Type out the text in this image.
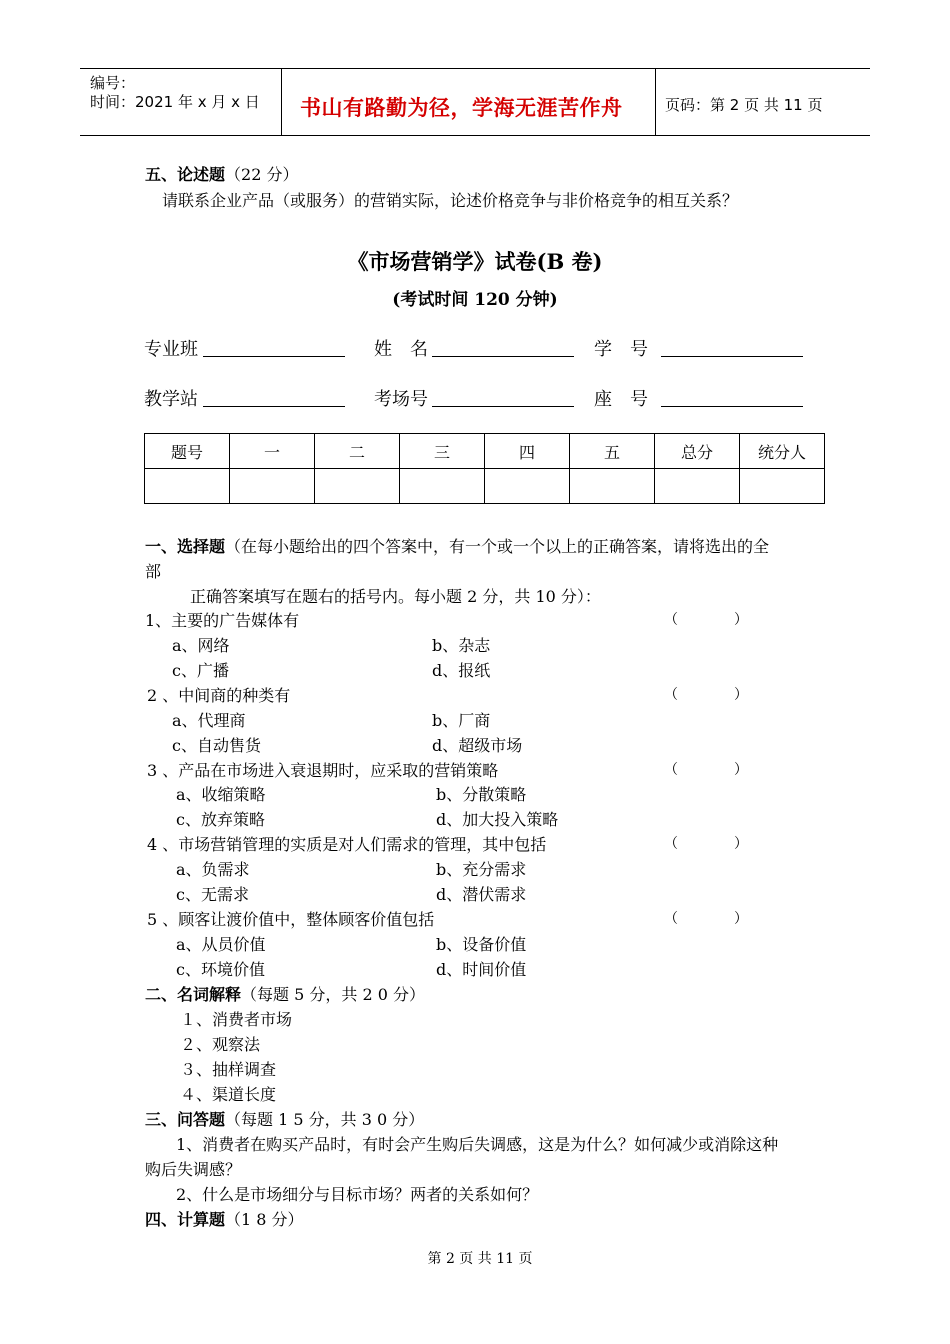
编号：
时间：2021 年 x 月 x 日 书山有路勤为径，学海无涯苦作舟	页码：第 2 页 共 11 页
五、论述题（22 分）
请联系企业产品（或服务）的营销实际，论述价格竞争与非价格竞争的相互关系？
《市场营销学》试卷(B 卷)
(考试时间 120 分钟)
专业班	姓　名	学　号
教学站	考场号	座　号
题号	一	二	三	四	五	总分	统分人

一、选择题（在每小题给出的四个答案中，有一个或一个以上的正确答案，请将选出的全
部
正确答案填写在题右的括号内。每小题 2 分，共 10 分）：
1、主要的广告媒体有	（　　　　）
a、网络	b、杂志
c、广播	d、报纸
2 、中间商的种类有	（　　　　）
a、代理商	b、厂商
c、自动售货	d、超级市场
3 、产品在市场进入衰退期时，应采取的营销策略	（　　　　）
a、收缩策略	b、分散策略
c、放弃策略	d、加大投入策略
4 、市场营销管理的实质是对人们需求的管理，其中包括	（　　　　）
a、负需求	b、充分需求
c、无需求	d、潜伏需求
5 、顾客让渡价值中，整体顾客价值包括	（　　　　）
a、从员价值	b、设备价值
c、环境价值	d、时间价值
二、名词解释（每题 5 分，共 2 0 分）
１、消费者市场
２、观察法
３、抽样调查
４、渠道长度
三、问答题（每题 1 5 分，共 3 0 分）
1、消费者在购买产品时，有时会产生购后失调感，这是为什么？如何减少或消除这种
购后失调感？
2、什么是市场细分与目标市场？两者的关系如何？
四、计算题（1 8 分）
第 2 页 共 11 页
